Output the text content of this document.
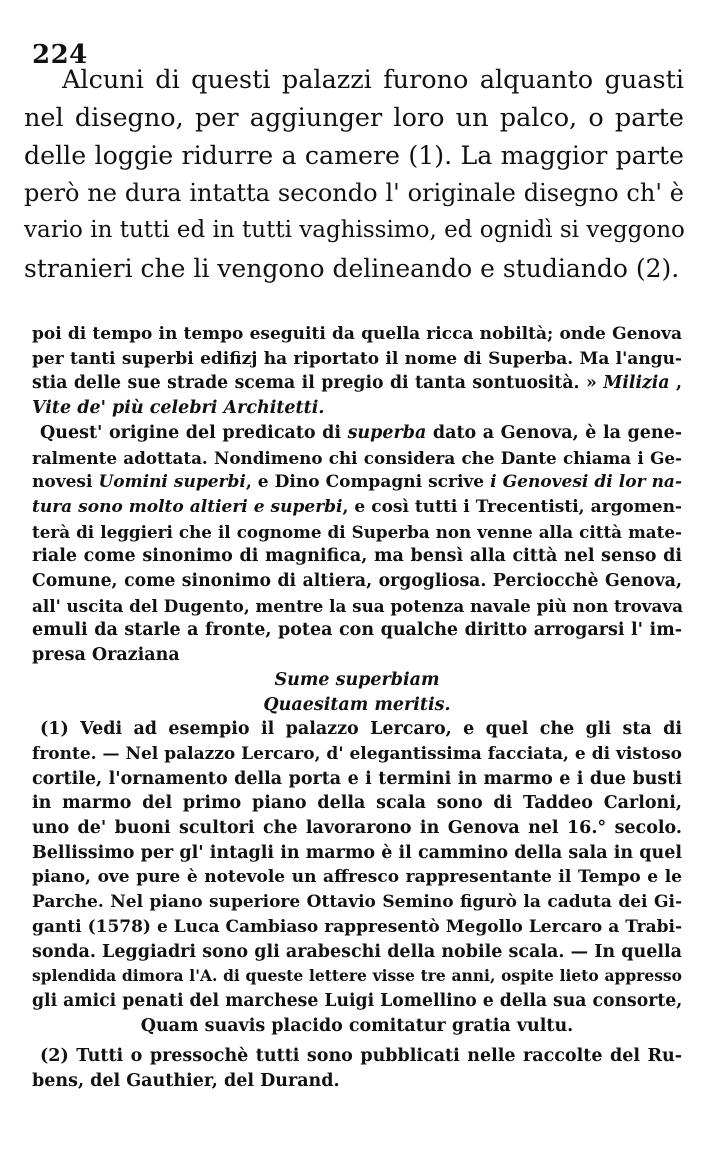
224
Alcuni di questi palazzi furono alquanto guasti
nel disegno, per aggiunger loro un palco, o parte
delle loggie ridurre a camere (1). La maggior parte
però ne dura intatta secondo l' originale disegno ch' è
vario in tutti ed in tutti vaghissimo, ed ognidì si veggono
stranieri che li vengono delineando e studiando (2).
poi di tempo in tempo eseguiti da quella ricca nobiltà; onde Genova
per tanti superbi edifizj ha riportato il nome di Superba. Ma l'angu-
stia delle sue strade scema il pregio di tanta sontuosità. » Milizia ,
Vite de' più celebri Architetti.
Quest' origine del predicato di superba dato a Genova, è la gene-
ralmente adottata. Nondimeno chi considera che Dante chiama i Ge-
novesi Uomini superbi, e Dino Compagni scrive i Genovesi di lor na-
tura sono molto altieri e superbi, e così tutti i Trecentisti, argomen-
terà di leggieri che il cognome di Superba non venne alla città mate-
riale come sinonimo di magnifica, ma bensì alla città nel senso di
Comune, come sinonimo di altiera, orgogliosa. Perciocchè Genova,
all' uscita del Dugento, mentre la sua potenza navale più non trovava
emuli da starle a fronte, potea con qualche diritto arrogarsi l' im-
presa Oraziana
Sume superbiam
Quaesitam meritis.
(1) Vedi ad esempio il palazzo Lercaro, e quel che gli sta di
fronte. — Nel palazzo Lercaro, d' elegantissima facciata, e di vistoso
cortile, l'ornamento della porta e i termini in marmo e i due busti
in marmo del primo piano della scala sono di Taddeo Carloni,
uno de' buoni scultori che lavorarono in Genova nel 16.° secolo.
Bellissimo per gl' intagli in marmo è il cammino della sala in quel
piano, ove pure è notevole un affresco rappresentante il Tempo e le
Parche. Nel piano superiore Ottavio Semino figurò la caduta dei Gi-
ganti (1578) e Luca Cambiaso rappresentò Megollo Lercaro a Trabi-
sonda. Leggiadri sono gli arabeschi della nobile scala. — In quella
splendida dimora l'A. di queste lettere visse tre anni, ospite lieto appresso
gli amici penati del marchese Luigi Lomellino e della sua consorte,
Quam suavis placido comitatur gratia vultu.
(2) Tutti o pressochè tutti sono pubblicati nelle raccolte del Ru-
bens, del Gauthier, del Durand.
